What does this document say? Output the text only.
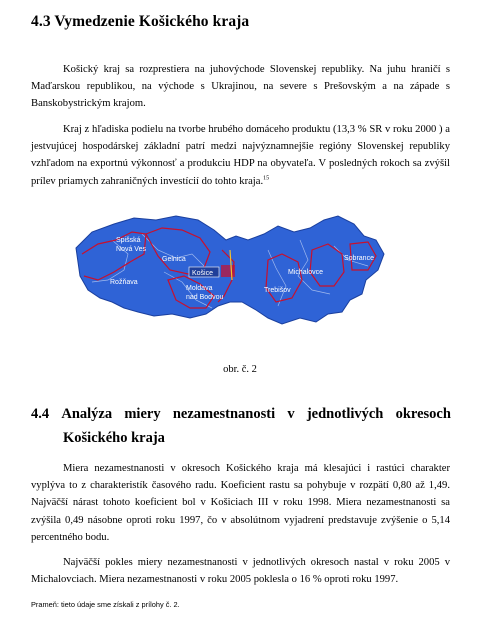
4.3 Vymedzenie Košického kraja

Košický kraj sa rozprestiera na juhovýchode Slovenskej republiky. Na juhu hraničí s Maďarskou republikou, na východe s Ukrajinou, na severe s Prešovským a na západe s Banskobystrickým krajom.

Kraj z hľadiska podielu na tvorbe hrubého domáceho produktu (13,3 % SR v roku 2000 ) a jestvujúcej hospodárskej základní patrí medzi najvýznamnejšie regióny Slovenskej republiky vzhľadom na exportnú výkonnosť a produkciu HDP na obyvateľa. V posledných rokoch sa zvýšil prílev priamych zahraničných investícií do tohto kraja.$^{15}$

Spišská
Nová Ves
Gelnica
Rožňava
Košice
Moldava
nad Bodvou
Michalovce
Trebišov
Sobrance
obr. č. 2
4.4 Analýza miery nezamestnanosti v jednotlivých okresoch
Košického kraja

Miera nezamestnanosti v okresoch Košického kraja má klesajúci i rastúci charakter vyplýva to z charakteristík časového radu. Koeficient rastu sa pohybuje v rozpätí 0,80 až 1,49. Najväčší nárast tohoto koeficient bol v Košiciach III v roku 1998. Miera nezamestnanosti sa zvýšila 0,49 násobne oproti roku 1997, čo v absolútnom vyjadrení predstavuje zvýšenie o 5,14 percentného bodu.

Najväčší pokles miery nezamestnanosti v jednotlivých okresoch nastal v roku 2005 v Michalovciach. Miera nezamestnanosti v roku 2005 poklesla o 16 % oproti roku 1997.

Prameň: tieto údaje sme získali z prílohy č. 2.
